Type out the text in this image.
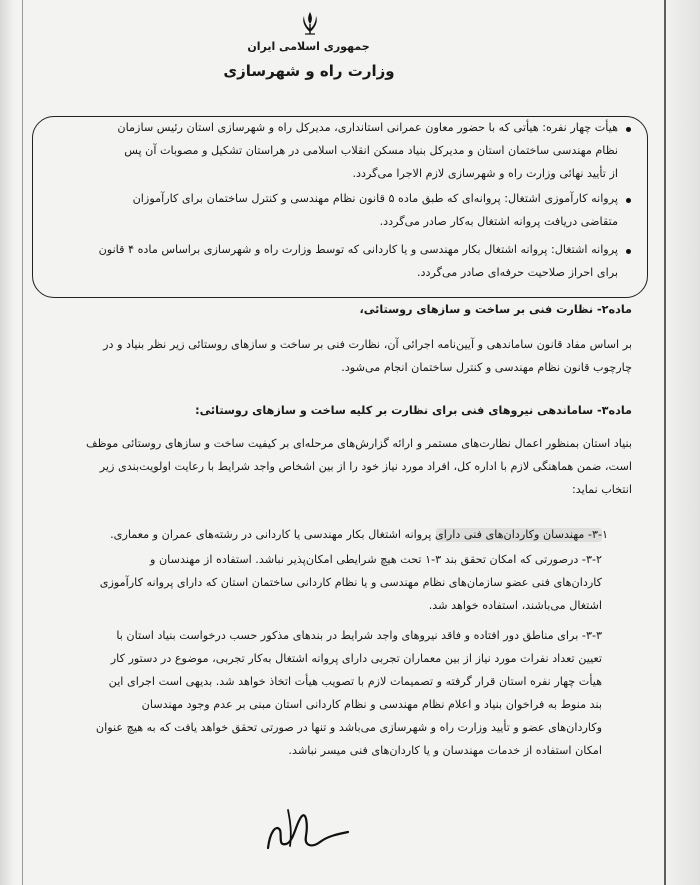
جمهوری اسلامی ایران
وزارت راه و شهرسازی
هیأت چهار نفره: هیأتی که با حضور معاون عمرانی استانداری، مدیرکل راه و شهرسازی استان رئیس سازمان
نظام مهندسی ساختمان استان و مدیرکل بنیاد مسکن انقلاب اسلامی در هراستان تشکیل و مصوبات آن پس
از تأیید نهائی وزارت راه و شهرسازی لازم الاجرا می‌گردد.
پروانه کارآموزی اشتغال: پروانه‌ای که طبق ماده ۵ قانون نظام مهندسی و کنترل ساختمان برای کارآموزان
متقاضی دریافت پروانه اشتغال به‌کار صادر می‌گردد.
پروانه اشتغال: پروانه اشتغال بکار مهندسی و یا کاردانی که توسط وزارت راه و شهرسازی براساس ماده ۴ قانون
برای احراز صلاحیت حرفه‌ای صادر می‌گردد.
ماده۲- نظارت فنی بر ساخت و سازهای روستائی،
بر اساس مفاد قانون ساماندهی و آیین‌نامه اجرائی آن، نظارت فنی بر ساخت و سازهای روستائی زیر نظر بنیاد و در
چارچوب قانون نظام مهندسی و کنترل ساختمان انجام می‌شود.
ماده۳- ساماندهی نیروهای فنی برای نظارت بر کلیه ساخت و سازهای روستائی:
بنیاد استان بمنظور اعمال نظارت‌های مستمر و ارائه گزارش‌های مرحله‌ای بر کیفیت ساخت و سازهای روستائی موظف
است، ضمن هماهنگی لازم با اداره کل، افراد مورد نیاز خود را از بین اشخاص واجد شرایط با رعایت اولویت‌بندی زیر
انتخاب نماید:
۳-۱- مهندسان وکاردان‌های فنی دارای پروانه اشتغال بکار مهندسی یا کاردانی در رشته‌های عمران و معماری.
۳-۲- درصورتی که امکان تحقق بند ۳-۱ تحت هیچ شرایطی امکان‌پذیر نباشد. استفاده از مهندسان و
کاردان‌های فنی عضو سازمان‌های نظام مهندسی و یا نظام کاردانی ساختمان استان که دارای پروانه کارآموزی
اشتغال می‌باشند، استفاده خواهد شد.
۳-۳- برای مناطق دور افتاده و فاقد نیروهای واجد شرایط در بندهای مذکور حسب درخواست بنیاد استان با
تعیین تعداد نفرات مورد نیاز از بین معماران تجربی دارای پروانه اشتغال به‌کار تجربی، موضوع در دستور کار
هیأت چهار نفره استان قرار گرفته و تصمیمات لازم با تصویب هیأت اتخاذ خواهد شد. بدیهی است اجرای این
بند منوط به فراخوان بنیاد و اعلام نظام مهندسی و نظام کاردانی استان مبنی بر عدم وجود مهندسان
وکاردان‌های عضو و تأیید وزارت راه و شهرسازی می‌باشد و تنها در صورتی تحقق خواهد یافت که به هیچ عنوان
امکان استفاده از خدمات مهندسان و یا کاردان‌های فنی میسر نباشد.
